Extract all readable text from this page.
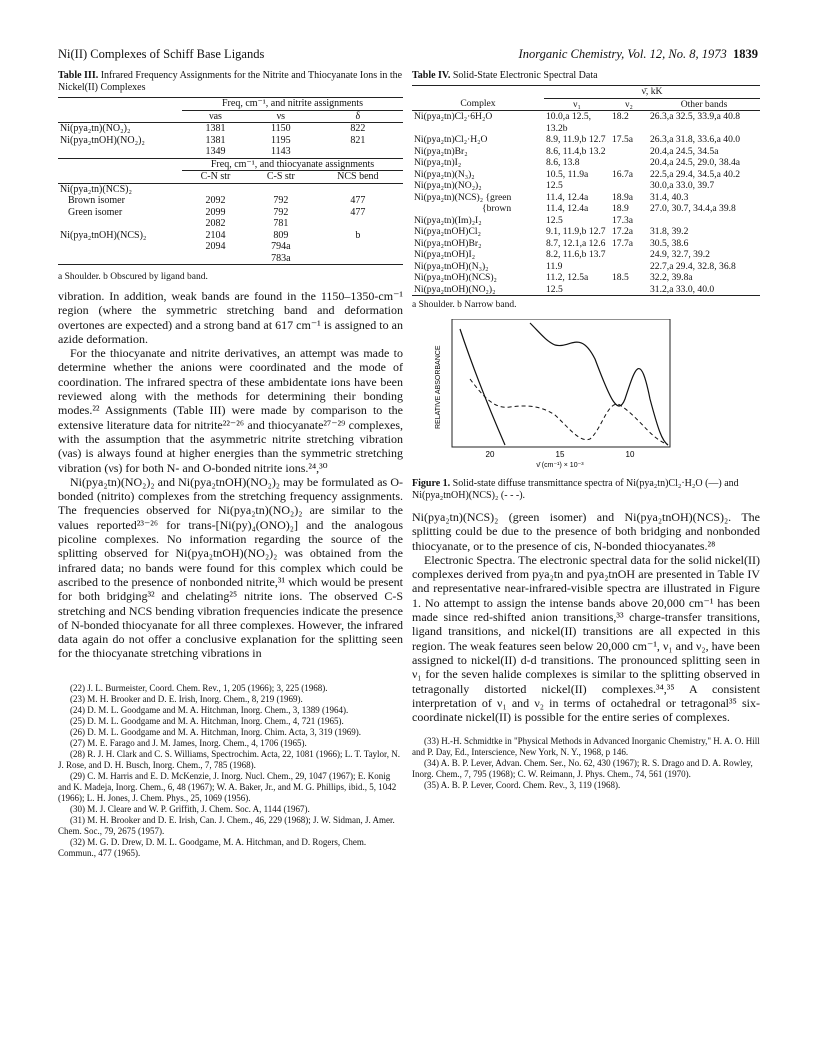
Ni(II) Complexes of Schiff Base Ligands	Inorganic Chemistry, Vol. 12, No. 8, 1973 1839
Table III. Infrared Frequency Assignments for the Nitrite and Thiocyanate Ions in the Nickel(II) Complexes
	Freq, cm⁻¹, and nitrite assignments		
	νas	νs	δ
Ni(pya₂tn)(NO₂)₂	1381	1150	822
Ni(pya₂tnOH)(NO₂)₂	1381	1195	821
	1349	1143	
	Freq, cm⁻¹, and thiocyanate assignments		
	C-N str	C-S str	NCS bend
Ni(pya₂tn)(NCS)₂			
Brown isomer	2092	792	477
Green isomer	2099	792	477
	2082	781	
Ni(pya₂tnOH)(NCS)₂	2104	809	b
	2094	794a	
		783a	
a Shoulder. b Obscured by ligand band.

vibration. In addition, weak bands are found in the 1150–1350-cm⁻¹ region (where the symmetric stretching band and deformation overtones are expected) and a strong band at 617 cm⁻¹ is assigned to an azide deformation.

For the thiocyanate and nitrite derivatives, an attempt was made to determine whether the anions were coordinated and the mode of coordination. The infrared spectra of these ambidentate ions have been reviewed along with the methods for determining their bonding modes.²² Assignments (Table III) were made by comparison to the extensive literature data for nitrite²²⁻²⁶ and thiocyanate²⁷⁻²⁹ complexes, with the assumption that the asymmetric nitrite stretching vibration (νas) is always found at higher energies than the symmetric stretching vibration (νs) for both N- and O-bonded nitrite ions.²⁴,³⁰

Ni(pya₂tn)(NO₂)₂ and Ni(pya₂tnOH)(NO₂)₂ may be formulated as O-bonded (nitrito) complexes from the stretching frequency assignments. The frequencies observed for Ni(pya₂tn)(NO₂)₂ are similar to the values reported²³⁻²⁶ for trans-[Ni(py)₄(ONO)₂] and the analogous picoline complexes. No information regarding the source of the splitting observed for Ni(pya₂tnOH)(NO₂)₂ was obtained from the infrared data; no bands were found for this complex which could be ascribed to the presence of nonbonded nitrite,³¹ which would be present for both bridging³² and chelating²⁵ nitrite ions. The observed C-S stretching and NCS bending vibration frequencies indicate the presence of N-bonded thiocyanate for all three complexes. However, the infrared data again do not offer a conclusive explanation for the splitting seen for the thiocyanate stretching vibrations in

(22) J. L. Burmeister, Coord. Chem. Rev., 1, 205 (1966); 3, 225 (1968).
(23) M. H. Brooker and D. E. Irish, Inorg. Chem., 8, 219 (1969).
(24) D. M. L. Goodgame and M. A. Hitchman, Inorg. Chem., 3, 1389 (1964).
(25) D. M. L. Goodgame and M. A. Hitchman, Inorg. Chem., 4, 721 (1965).
(26) D. M. L. Goodgame and M. A. Hitchman, Inorg. Chim. Acta, 3, 319 (1969).
(27) M. E. Farago and J. M. James, Inorg. Chem., 4, 1706 (1965).
(28) R. J. H. Clark and C. S. Williams, Spectrochim. Acta, 22, 1081 (1966); L. T. Taylor, N. J. Rose, and D. H. Busch, Inorg. Chem., 7, 785 (1968).
(29) C. M. Harris and E. D. McKenzie, J. Inorg. Nucl. Chem., 29, 1047 (1967); E. Konig and K. Madeja, Inorg. Chem., 6, 48 (1967); W. A. Baker, Jr., and M. G. Phillips, ibid., 5, 1042 (1966); L. H. Jones, J. Chem. Phys., 25, 1069 (1956).
(30) M. J. Cleare and W. P. Griffith, J. Chem. Soc. A, 1144 (1967).
(31) M. H. Brooker and D. E. Irish, Can. J. Chem., 46, 229 (1968); J. W. Sidman, J. Amer. Chem. Soc., 79, 2675 (1957).
(32) M. G. D. Drew, D. M. L. Goodgame, M. A. Hitchman, and D. Rogers, Chem. Commun., 477 (1965).
Table IV. Solid-State Electronic Spectral Data
	ν̄, kK		
Complex	ν₁	ν₂	Other bands
Ni(pya₂tn)Cl₂·6H₂O	10.0,a 12.5, 13.2b	18.2	26.3,a 32.5, 33.9,a 40.8
Ni(pya₂tn)Cl₂·H₂O	8.9, 11.9,b 12.7	17.5a	26.3,a 31.8, 33.6,a 40.0
Ni(pya₂tn)Br₂	8.6, 11.4,b 13.2		20.4,a 24.5, 34.5a
Ni(pya₂tn)I₂	8.6, 13.8		20.4,a 24.5, 29.0, 38.4a
Ni(pya₂tn)(N₃)₂	10.5, 11.9a	16.7a	22.5,a 29.4, 34.5,a 40.2
Ni(pya₂tn)(NO₂)₂	12.5		30.0,a 33.0, 39.7
Ni(pya₂tn)(NCS)₂ {green	11.4, 12.4a	18.9a	31.4, 40.3
{brown	11.4, 12.4a	18.9	27.0, 30.7, 34.4,a 39.8
Ni(pya₂tn)(Im)₂I₂	12.5	17.3a	
Ni(pya₂tnOH)Cl₂	9.1, 11.9,b 12.7	17.2a	31.8, 39.2
Ni(pya₂tnOH)Br₂	8.7, 12.1,a 12.6	17.7a	30.5, 38.6
Ni(pya₂tnOH)I₂	8.2, 11.6,b 13.7		24.9, 32.7, 39.2
Ni(pya₂tnOH)(N₃)₂	11.9		22.7,a 29.4, 32.8, 36.8
Ni(pya₂tnOH)(NCS)₂	11.2, 12.5a	18.5	32.2, 39.8a
Ni(pya₂tnOH)(NO₂)₂	12.5		31.2,a 33.0, 40.0
a Shoulder. b Narrow band.
RELATIVE ABSORBANCE
20	15	10
ν̄ (cm⁻¹) × 10⁻³
Figure 1. Solid-state diffuse transmittance spectra of Ni(pya₂tn)Cl₂·H₂O (—) and Ni(pya₂tnOH)(NCS)₂ (- - -).

Ni(pya₂tn)(NCS)₂ (green isomer) and Ni(pya₂tnOH)(NCS)₂. The splitting could be due to the presence of both bridging and nonbonded thiocyanate, or to the presence of cis, N-bonded thiocyanates.²⁸

Electronic Spectra. The electronic spectral data for the solid nickel(II) complexes derived from pya₂tn and pya₂tnOH are presented in Table IV and representative near-infrared-visible spectra are illustrated in Figure 1. No attempt to assign the intense bands above 20,000 cm⁻¹ has been made since red-shifted anion transitions,³³ charge-transfer transitions, ligand transitions, and nickel(II) transitions are all expected in this region. The weak features seen below 20,000 cm⁻¹, ν₁ and ν₂, have been assigned to nickel(II) d-d transitions. The pronounced splitting seen in ν₁ for the seven halide complexes is similar to the splitting observed in tetragonally distorted nickel(II) complexes.³⁴,³⁵ A consistent interpretation of ν₁ and ν₂ in terms of octahedral or tetragonal³⁵ six-coordinate nickel(II) is possible for the entire series of complexes.

(33) H.-H. Schmidtke in "Physical Methods in Advanced Inorganic Chemistry," H. A. O. Hill and P. Day, Ed., Interscience, New York, N. Y., 1968, p 146.
(34) A. B. P. Lever, Advan. Chem. Ser., No. 62, 430 (1967); R. S. Drago and D. A. Rowley, Inorg. Chem., 7, 795 (1968); C. W. Reimann, J. Phys. Chem., 74, 561 (1970).
(35) A. B. P. Lever, Coord. Chem. Rev., 3, 119 (1968).
